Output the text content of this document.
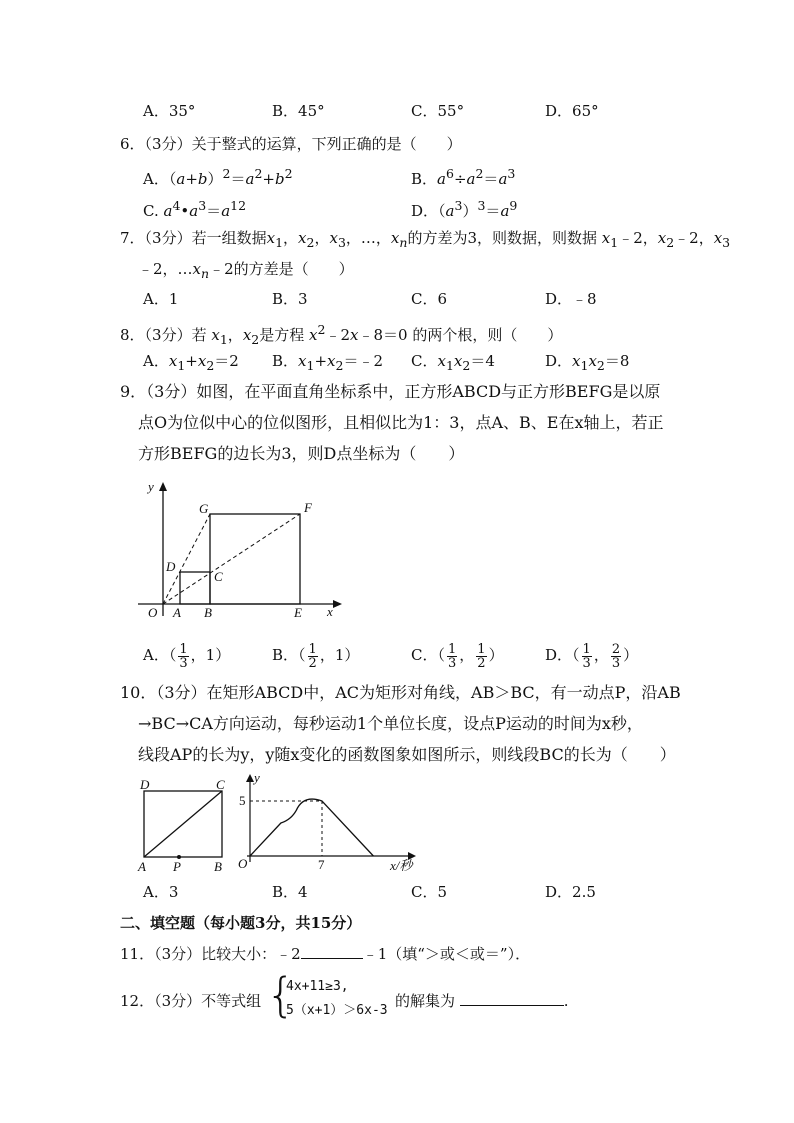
A．35°	B．45°	C．55°	D．65°
6．（3分）关于整式的运算，下列正确的是（　　）
A．$(a+b)^2=a^2+b^2$	B．$a^6\div a^2=a^3$
C. $a^4•a^3=a^{12}$	D．$(a^3)^3=a^9$
7．（3分）若一组数据$x_1$，$x_2$，$x_3$，…，$x_n$的方差为3，则数据，则数据 $x_1﹣2$，$x_2﹣2$，$x_3$
﹣2，$\dots x_n﹣2$的方差是（　　）
A．1	B．3	C．6	D．﹣8
8．（3分）若 $x_1$，$x_2$是方程 $x^2﹣2x﹣8=0$ 的两个根，则（　　）
A．$x_1+x_2=2$ B．$x_1+x_2=﹣2$ C．$x_1x_2=4$	D．$x_1x_2=8$
9．（3分）如图，在平面直角坐标系中，正方形ABCD与正方形BEFG是以原
点O为位似中心的位似图形，且相似比为1：3，点A、B、E在x轴上，若正
方形BEFG的边长为3，则D点坐标为（　　）
y
x
O A B	E
G	F
D
C
A．（ $\frac{1}{3}$ ，1）	B．（ $\frac{1}{2}$ ，1）	C．（ $\frac{1}{3}$ ， $\frac{1}{2}$ ）	D．（ $\frac{1}{3}$ ， $\frac{2}{3}$ ）
10．（3分）在矩形ABCD中，AC为矩形对角线，AB＞BC，有一动点P，沿AB
→BC→CA方向运动，每秒运动1个单位长度，设点P运动的时间为x秒，
线段AP的长为y，y随x变化的函数图象如图所示，则线段BC的长为（　　）
D	C
A P	B
y
5
O	7	x/秒
A．3	B．4	C．5	D．2.5
二、填空题（每小题3分，共15分）
11．（3分）比较大小：﹣2	﹣1（填“＞或＜或＝”）．
12．（3分）不等式组 {
4x+11≥3,
5（x+1）＞6x-3
的解集为	.
